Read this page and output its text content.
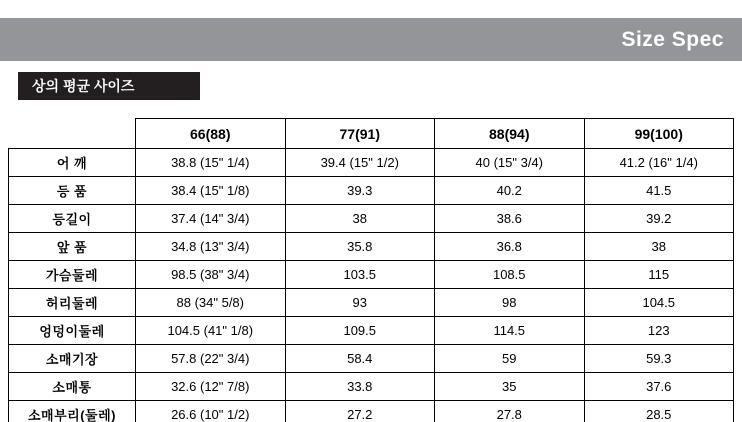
Size Spec
상의 평균 사이즈
	66(88)	77(91)	88(94)	99(100)
어 깨	38.8 (15" 1/4)	39.4 (15" 1/2)	40 (15" 3/4)	41.2 (16" 1/4)
등 품	38.4 (15" 1/8)	39.3	40.2	41.5
등길이	37.4 (14" 3/4)	38	38.6	39.2
앞 품	34.8 (13" 3/4)	35.8	36.8	38
가슴둘레	98.5 (38" 3/4)	103.5	108.5	115
허리둘레	88 (34" 5/8)	93	98	104.5
엉덩이둘레	104.5 (41" 1/8)	109.5	114.5	123
소매기장	57.8 (22" 3/4)	58.4	59	59.3
소매통	32.6 (12" 7/8)	33.8	35	37.6
소매부리(둘레)	26.6 (10" 1/2)	27.2	27.8	28.5
